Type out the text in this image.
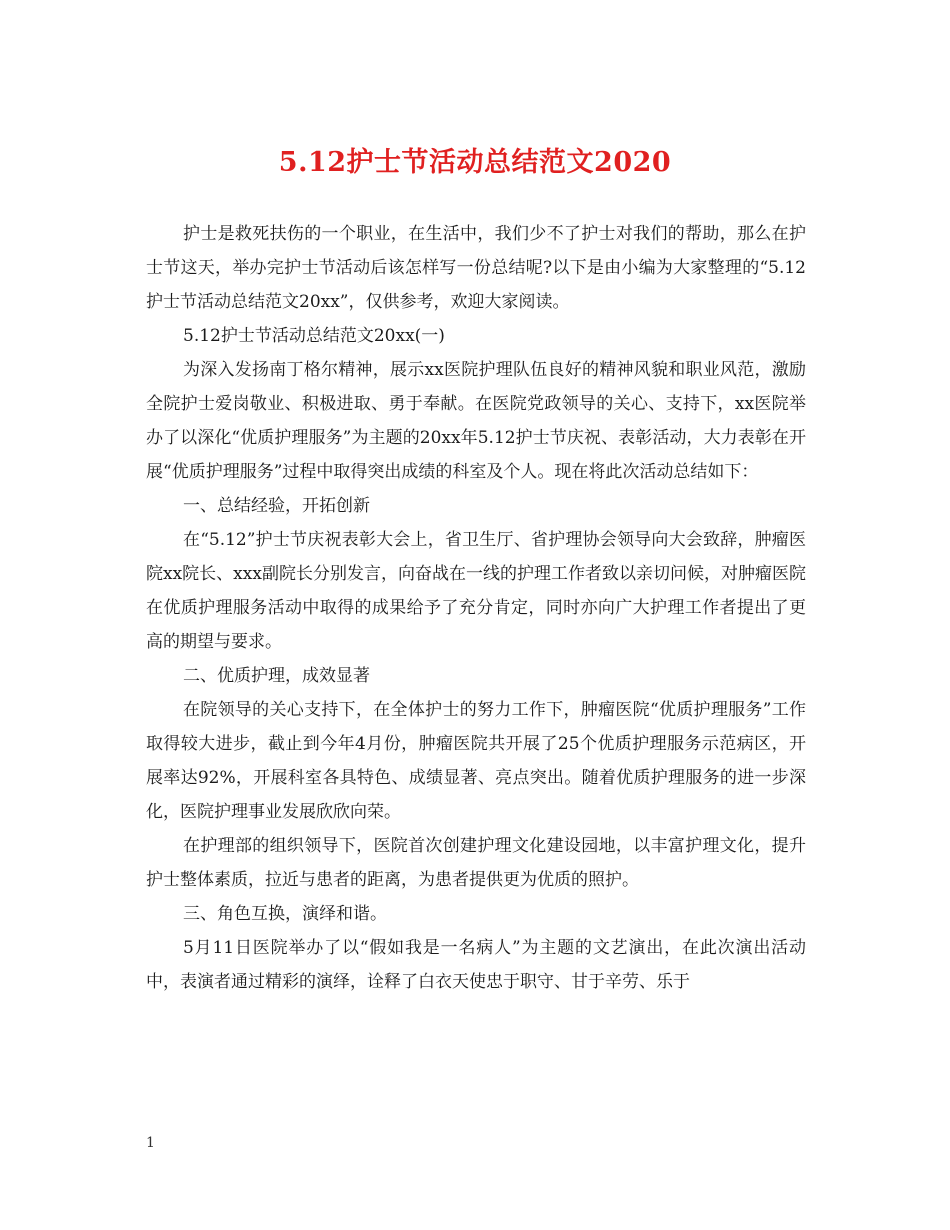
5.12护士节活动总结范文2020

护士是救死扶伤的一个职业，在生活中，我们少不了护士对我们的帮助，那么在护士节这天，举办完护士节活动后该怎样写一份总结呢?以下是由小编为大家整理的“5.12护士节活动总结范文20xx”，仅供参考，欢迎大家阅读。

5.12护士节活动总结范文20xx(一)

为深入发扬南丁格尔精神，展示xx医院护理队伍良好的精神风貌和职业风范，激励全院护士爱岗敬业、积极进取、勇于奉献。在医院党政领导的关心、支持下，xx医院举办了以深化“优质护理服务”为主题的20xx年5.12护士节庆祝、表彰活动，大力表彰在开展“优质护理服务”过程中取得突出成绩的科室及个人。现在将此次活动总结如下：

一、总结经验，开拓创新

在“5.12”护士节庆祝表彰大会上，省卫生厅、省护理协会领导向大会致辞，肿瘤医院xx院长、xxx副院长分别发言，向奋战在一线的护理工作者致以亲切问候，对肿瘤医院在优质护理服务活动中取得的成果给予了充分肯定，同时亦向广大护理工作者提出了更高的期望与要求。

二、优质护理，成效显著

在院领导的关心支持下，在全体护士的努力工作下，肿瘤医院“优质护理服务”工作取得较大进步，截止到今年4月份，肿瘤医院共开展了25个优质护理服务示范病区，开展率达92%，开展科室各具特色、成绩显著、亮点突出。随着优质护理服务的进一步深化，医院护理事业发展欣欣向荣。

在护理部的组织领导下，医院首次创建护理文化建设园地，以丰富护理文化，提升护士整体素质，拉近与患者的距离，为患者提供更为优质的照护。

三、角色互换，演绎和谐。

5月11日医院举办了以“假如我是一名病人”为主题的文艺演出，在此次演出活动中，表演者通过精彩的演绎，诠释了白衣天使忠于职守、甘于辛劳、乐于

1
